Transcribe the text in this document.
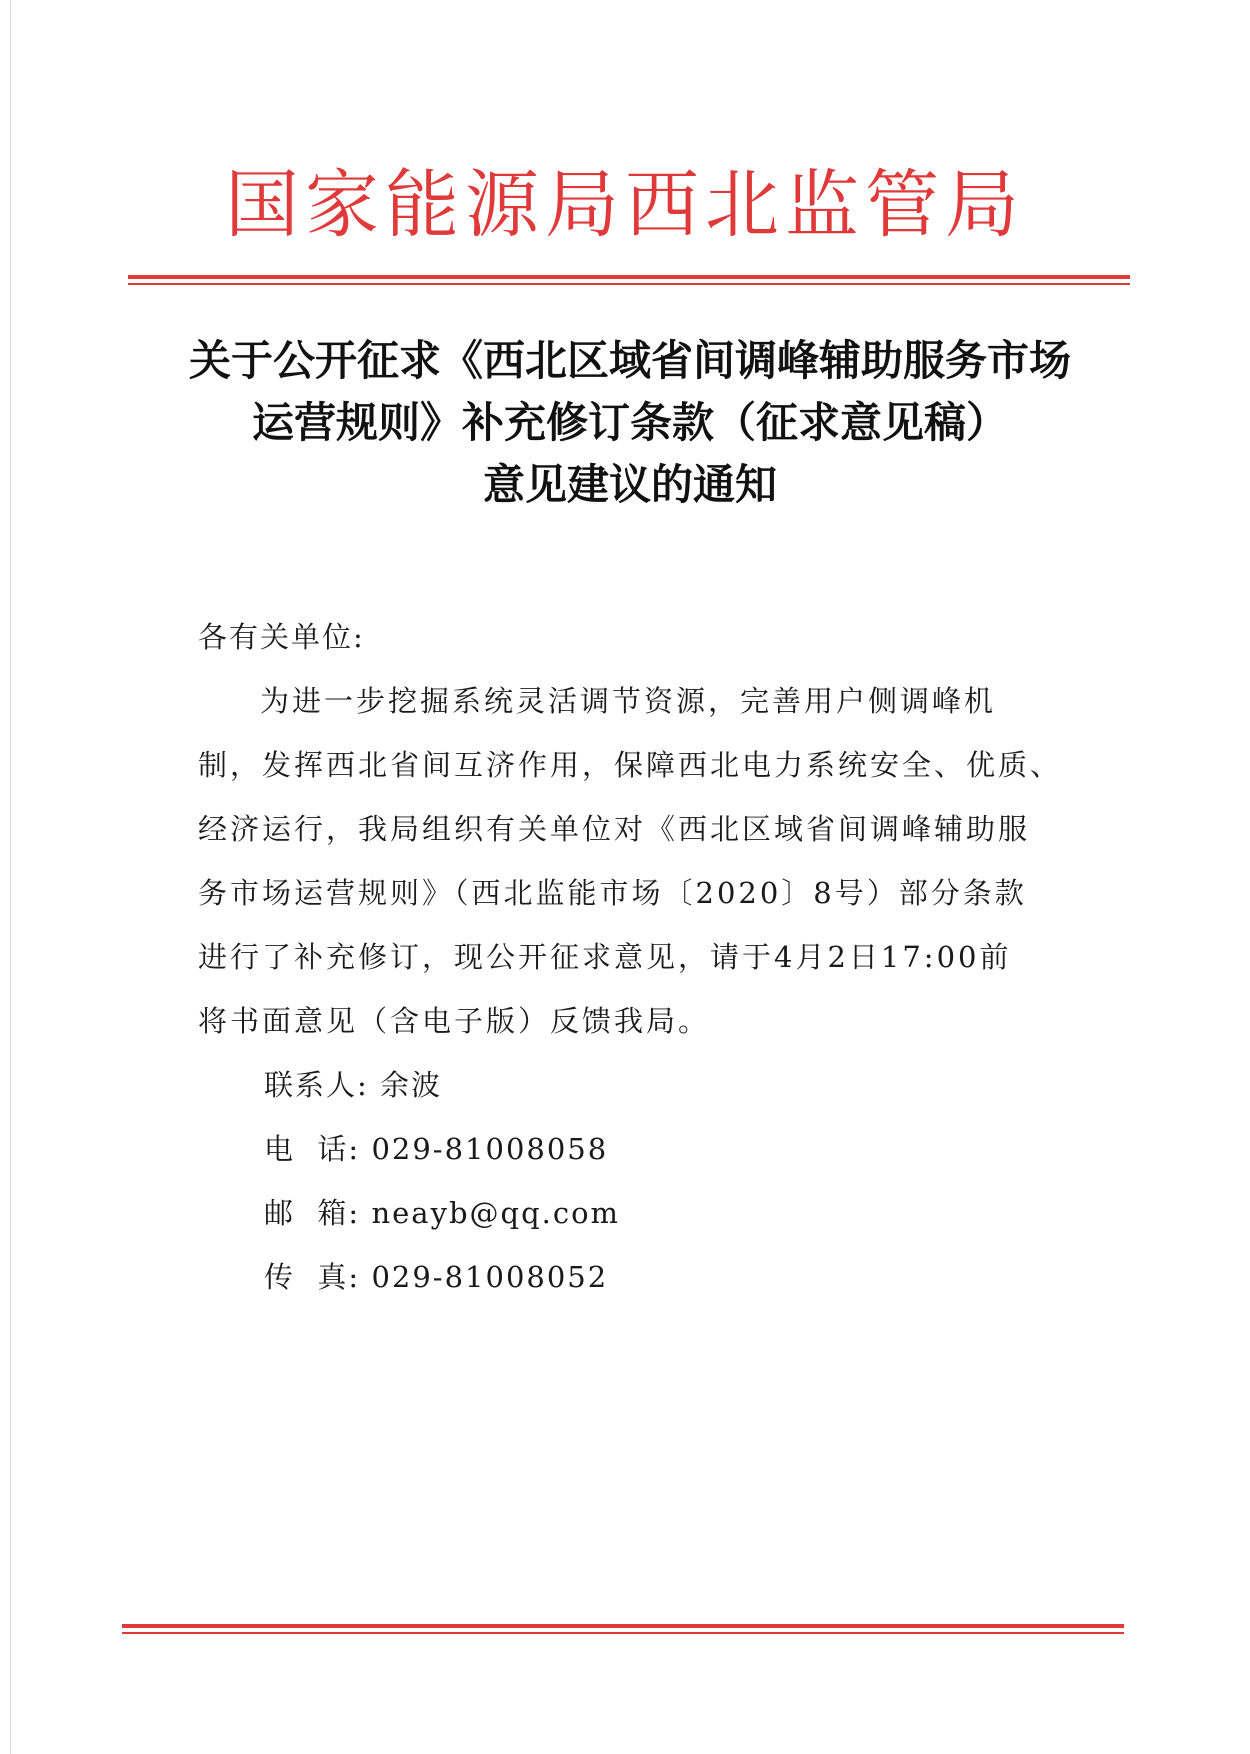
国家能源局西北监管局
关于公开征求《西北区域省间调峰辅助服务市场
运营规则》补充修订条款（征求意见稿）
意见建议的通知

各有关单位:

为进一步挖掘系统灵活调节资源，完善用户侧调峰机

制，发挥西北省间互济作用，保障西北电力系统安全、优质、

经济运行，我局组织有关单位对《西北区域省间调峰辅助服

务市场运营规则》（西北监能市场〔2020〕8号）部分条款

进行了补充修订，现公开征求意见，请于4月2日17:00前

将书面意见（含电子版）反馈我局。

联系人: 余波
电  话: 029-81008058
邮  箱: neayb@qq.com
传  真: 029-81008052
